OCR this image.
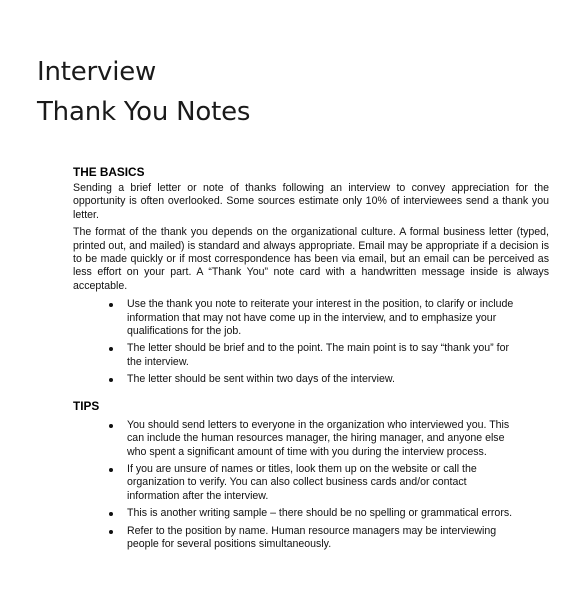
Interview
Thank You Notes
THE BASICS

Sending a brief letter or note of thanks following an interview to convey appreciation for the opportunity is often overlooked. Some sources estimate only 10% of interviewees send a thank you letter.

The format of the thank you depends on the organizational culture. A formal business letter (typed, printed out, and mailed) is standard and always appropriate. Email may be appropriate if a decision is to be made quickly or if most correspondence has been via email, but an email can be perceived as less effort on your part. A “Thank You” note card with a handwritten message inside is always acceptable.

Use the thank you note to reiterate your interest in the position, to clarify or include information that may not have come up in the interview, and to emphasize your qualifications for the job.
The letter should be brief and to the point. The main point is to say “thank you” for the interview.
The letter should be sent within two days of the interview.
TIPS
You should send letters to everyone in the organization who interviewed you. This can include the human resources manager, the hiring manager, and anyone else who spent a significant amount of time with you during the interview process.
If you are unsure of names or titles, look them up on the website or call the organization to verify. You can also collect business cards and/or contact information after the interview.
This is another writing sample – there should be no spelling or grammatical errors.
Refer to the position by name. Human resource managers may be interviewing people for several positions simultaneously.
